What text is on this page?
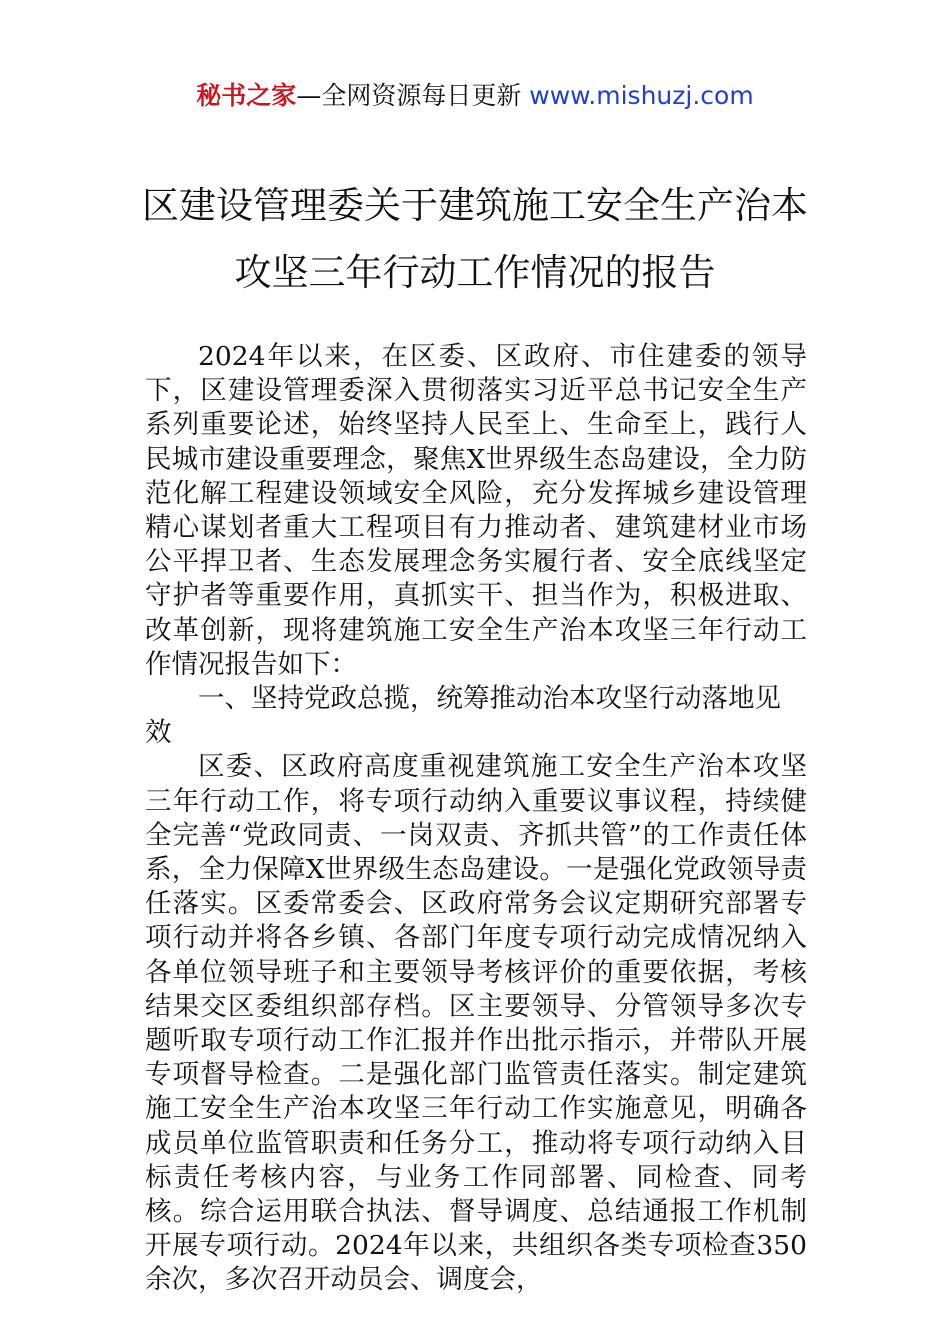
秘书之家—全网资源每日更新 www.mishuzj.com
区建设管理委关于建筑施工安全生产治本
攻坚三年行动工作情况的报告

2024年以来，在区委、区政府、市住建委的领导下，区建设管理委深入贯彻落实习近平总书记安全生产系列重要论述，始终坚持人民至上、生命至上，践行人民城市建设重要理念，聚焦X世界级生态岛建设，全力防范化解工程建设领域安全风险，充分发挥城乡建设管理精心谋划者重大工程项目有力推动者、建筑建材业市场公平捍卫者、生态发展理念务实履行者、安全底线坚定守护者等重要作用，真抓实干、担当作为，积极进取、改革创新，现将建筑施工安全生产治本攻坚三年行动工作情况报告如下：

一、坚持党政总揽，统筹推动治本攻坚行动落地见效

区委、区政府高度重视建筑施工安全生产治本攻坚三年行动工作，将专项行动纳入重要议事议程，持续健全完善“党政同责、一岗双责、齐抓共管”的工作责任体系，全力保障X世界级生态岛建设。一是强化党政领导责任落实。区委常委会、区政府常务会议定期研究部署专项行动并将各乡镇、各部门年度专项行动完成情况纳入各单位领导班子和主要领导考核评价的重要依据，考核结果交区委组织部存档。区主要领导、分管领导多次专题听取专项行动工作汇报并作出批示指示，并带队开展专项督导检查。二是强化部门监管责任落实。制定建筑施工安全生产治本攻坚三年行动工作实施意见，明确各成员单位监管职责和任务分工，推动将专项行动纳入目标责任考核内容，与业务工作同部署、同检查、同考核。综合运用联合执法、督导调度、总结通报工作机制开展专项行动。2024年以来，共组织各类专项检查350余次，多次召开动员会、调度会，
